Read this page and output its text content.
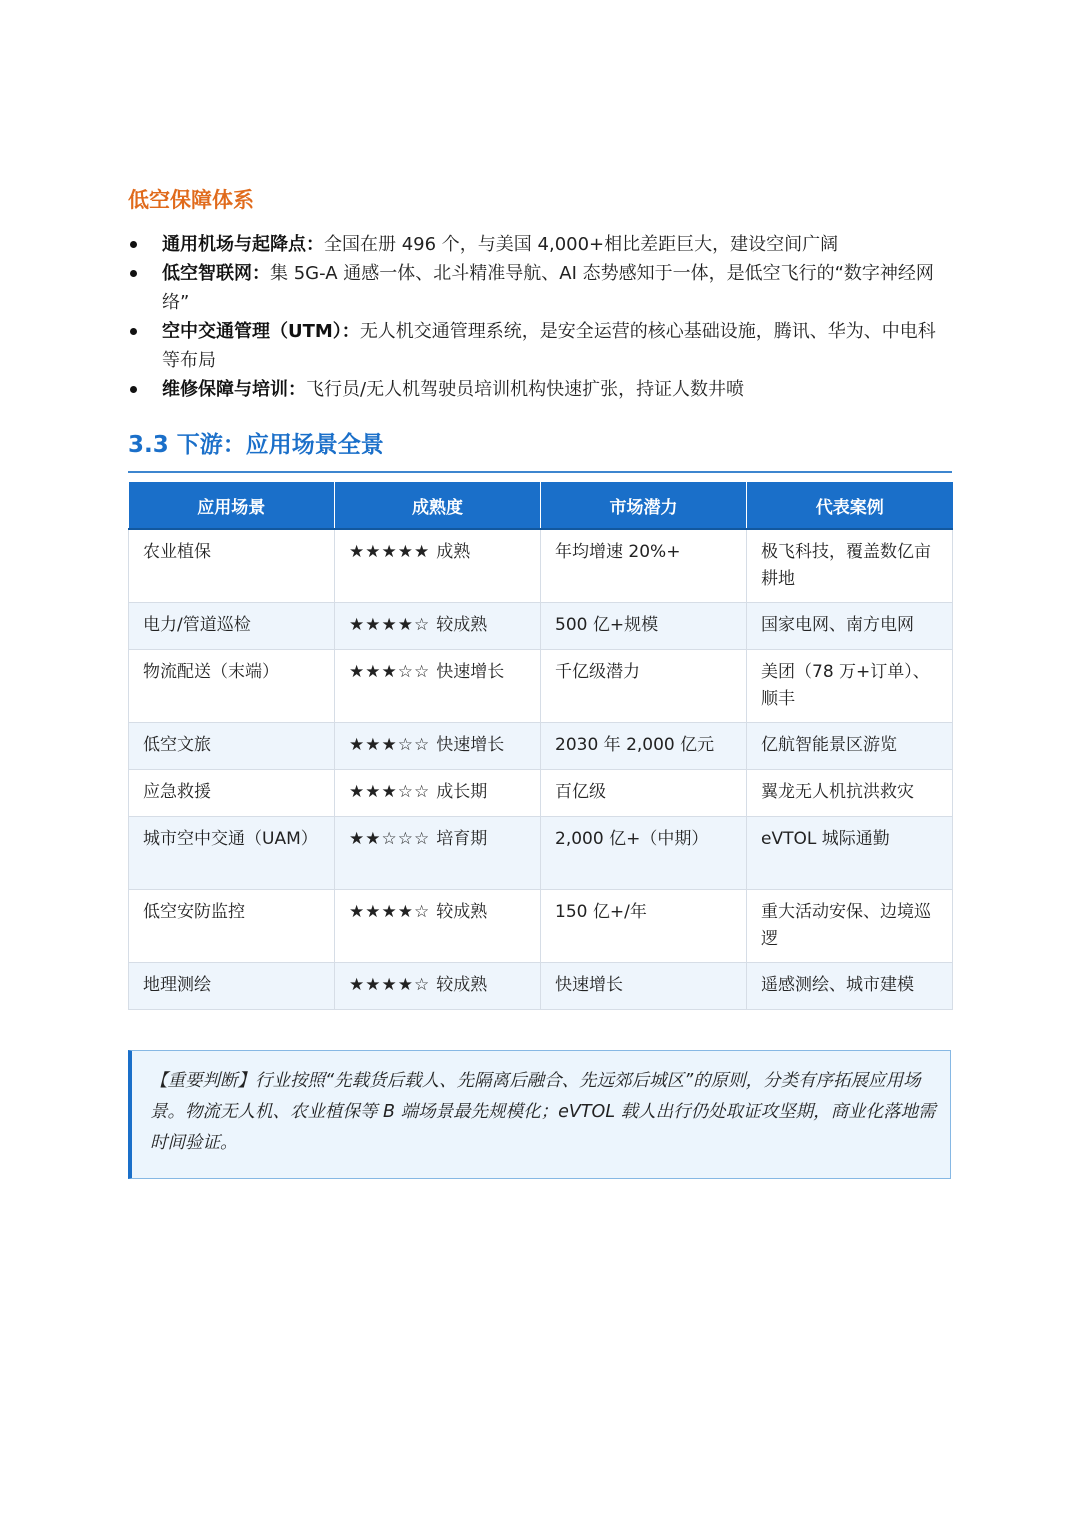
低空保障体系
通用机场与起降点：全国在册 496 个，与美国 4,000+相比差距巨大，建设空间广阔
低空智联网：集 5G-A 通感一体、北斗精准导航、AI 态势感知于一体，是低空飞行的“数字神经网络”
空中交通管理（UTM）：无人机交通管理系统，是安全运营的核心基础设施，腾讯、华为、中电科等布局
维修保障与培训：飞行员/无人机驾驶员培训机构快速扩张，持证人数井喷
3.3 下游：应用场景全景
应用场景	成熟度	市场潜力	代表案例
农业植保	★★★★★ 成熟	年均增速 20%+	极飞科技，覆盖数亿亩耕地
电力/管道巡检	★★★★☆ 较成熟	500 亿+规模	国家电网、南方电网
物流配送（末端）	★★★☆☆ 快速增长	千亿级潜力	美团（78 万+订单）、顺丰
低空文旅	★★★☆☆ 快速增长	2030 年 2,000 亿元	亿航智能景区游览
应急救援	★★★☆☆ 成长期	百亿级	翼龙无人机抗洪救灾
城市空中交通（UAM）	★★☆☆☆ 培育期	2,000 亿+（中期）	eVTOL 城际通勤
低空安防监控	★★★★☆ 较成熟	150 亿+/年	重大活动安保、边境巡逻
地理测绘	★★★★☆ 较成熟	快速增长	遥感测绘、城市建模
【重要判断】行业按照“先载货后载人、先隔离后融合、先远郊后城区”的原则，分类有序拓展应用场景。物流无人机、农业植保等 B 端场景最先规模化；eVTOL 载人出行仍处取证攻坚期，商业化落地需时间验证。
